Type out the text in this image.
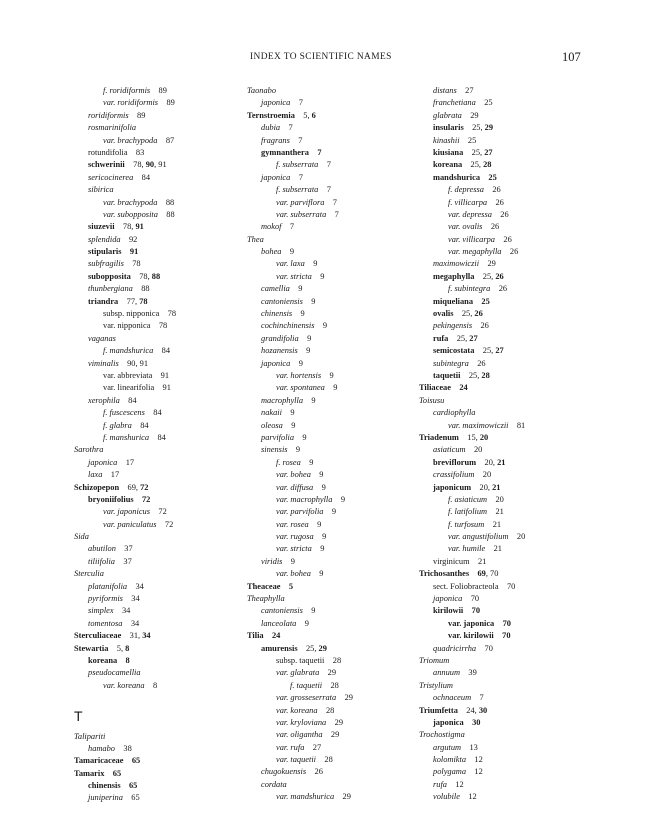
INDEX TO SCIENTIFIC NAMES	107
f. roridiformis  89
var. roridiformis  89
roridiformis  89
rosmarinifolia
var. brachypoda  87
rotundifolia  83
schwerinii  78, 90, 91
sericocinerea  84
sibirica
var. brachypoda  88
var. subopposita  88
siuzevii  78, 91
splendida  92
stipularis  91
subfragilis  78
subopposita  78, 88
thunbergiana  88
triandra  77, 78
subsp. nipponica  78
var. nipponica  78
vaganas
f. mandshurica  84
viminalis  90, 91
var. abbreviata  91
var. linearifolia  91
xerophila  84
f. fuscescens  84
f. glabra  84
f. manshurica  84
Sarothra
japonica  17
laxa  17
Schizopepon  69, 72
bryoniifolius  72
var. japonicus  72
var. paniculatus  72
Sida
abutilon  37
tiliifolia  37
Sterculia
platanifolia  34
pyriformis  34
simplex  34
tomentosa  34
Sterculiaceae  31, 34
Stewartia  5, 8
koreana  8
pseudocamellia
var. koreana  8
T
Taliparitі
hamabo  38
Tamaricaceae  65
Tamarix  65
chinensis  65
juniperina  65
Taonabo
japonica  7
Ternstroemia  5, 6
dubia  7
fragrans  7
gymnanthera  7
f. subserrata  7
japonica  7
f. subserrata  7
var. parviflora  7
var. subserrata  7
mokof  7
Thea
bohea  9
var. laxa  9
var. stricta  9
camellia  9
cantoniensis  9
chinensis  9
cochinchinensis  9
grandifolia  9
hozanensis  9
japonica  9
var. hortensis  9
var. spontanea  9
macrophylla  9
nakaii  9
oleosa  9
parvifolia  9
sinensis  9
f. rosea  9
var. bohea  9
var. diffusa  9
var. macrophylla  9
var. parvifolia  9
var. rosea  9
var. rugosa  9
var. stricta  9
viridis  9
var. bohea  9
Theaceae  5
Theaphylla
cantoniensis  9
lanceolata  9
Tilia  24
amurensis  25, 29
subsp. taquetii  28
var. glabrata  29
f. taquetii  28
var. grosseserrata  29
var. koreana  28
var. kryloviana  29
var. oligantha  29
var. rufa  27
var. taquetii  28
chugokuensis  26
cordata
var. mandshurica  29
distans  27
franchetiana  25
glabrata  29
insularis  25, 29
kinashii  25
kiusiana  25, 27
koreana  25, 28
mandshurica  25
f. depressa  26
f. villicarpa  26
var. depressa  26
var. ovalis  26
var. villicarpa  26
var. megaphylla  26
maximowicziі  29
megaphylla  25, 26
f. subintegra  26
miqueliana  25
ovalis  25, 26
pekingensis  26
rufa  25, 27
semicostata  25, 27
subintegra  26
taquetii  25, 28
Tiliaceae  24
Toisusu
cardiophylla
var. maximowiczii  81
Triadenum  15, 20
asiaticum  20
breviflorum  20, 21
crassifolium  20
japonicum  20, 21
f. asiaticum  20
f. latifolium  21
f. turfosum  21
var. angustifolium  20
var. humile  21
virginicum  21
Trichosanthes  69, 70
sect. Foliobracteola  70
japonica  70
kirilowii  70
var. japonica  70
var. kirilowii  70
quadricirrha  70
Triomum
annuum  39
Tristylium
ochnaceum  7
Triumfetta  24, 30
japonica  30
Trochostigma
argutum  13
kolomikta  12
polygama  12
rufa  12
volubile  12
